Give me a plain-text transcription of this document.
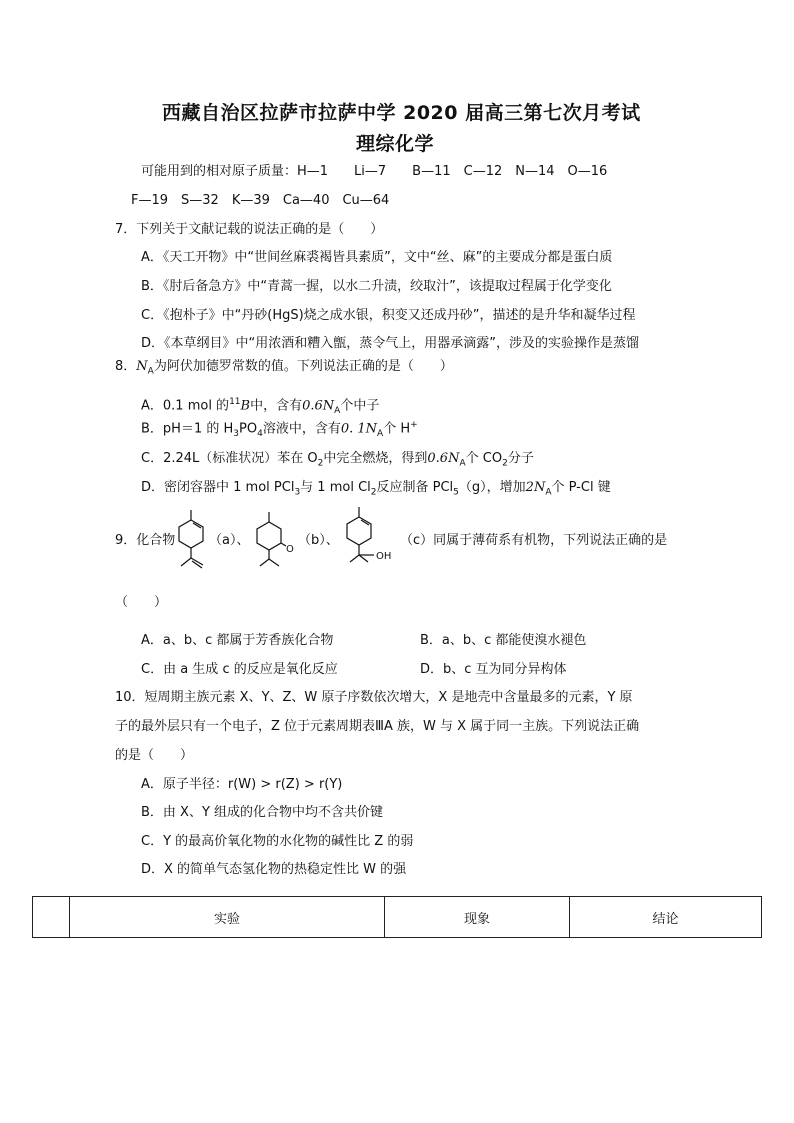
西藏自治区拉萨市拉萨中学 2020 届高三第七次月考试
理综化学
可能用到的相对原子质量：H—1　　Li—7　　B—11　C—12　N—14　O—16
F—19　S—32　K—39　Ca—40　Cu—64
7．下列关于文献记载的说法正确的是（　　）
A．《天工开物》中“世间丝麻裘褐皆具素质”，文中“丝、麻”的主要成分都是蛋白质
B．《肘后备急方》中“青蒿一握，以水二升渍，绞取汁”，该提取过程属于化学变化
C．《抱朴子》中“丹砂(HgS)烧之成水银，积变又还成丹砂”，描述的是升华和凝华过程
D．《本草纲目》中“用浓酒和糟入甑，蒸令气上，用器承滴露”，涉及的实验操作是蒸馏
8．$N_A$为阿伏加德罗常数的值。下列说法正确的是（　　）
A．0.1 mol 的$^{11}$B中，含有$0.6N_A$个中子
B．pH＝1 的 $H_3PO_4$溶液中，含有0. $1N_A$个 H+
C．2.24L（标准状况）苯在 $O_2$中完全燃烧，得到$0.6N_A$个 $CO_2$分子
D．密闭容器中 1 mol PCl$_3$与 1 mol $Cl_2$反应制备 PCl$_5$（g），增加$2N_A$个 P-Cl 键
9．化合物	（a）、
O
（b）、
OH
（c）同属于薄荷系有机物，下列说法正确的是
（　　）
A．a、b、c 都属于芳香族化合物	B．a、b、c 都能使溴水褪色
C．由 a 生成 c 的反应是氧化反应	D．b、c 互为同分异构体
10．短周期主族元素 X、Y、Z、W 原子序数依次增大，X 是地壳中含量最多的元素，Y 原
子的最外层只有一个电子，Z 位于元素周期表ⅢA 族，W 与 X 属于同一主族。下列说法正确
的是（　　）
A．原子半径：r(W) > r(Z) > r(Y)
B．由 X、Y 组成的化合物中均不含共价键
C．Y 的最高价氧化物的水化物的碱性比 Z 的弱
D．X 的简单气态氢化物的热稳定性比 W 的强
	实验	现象	结论
